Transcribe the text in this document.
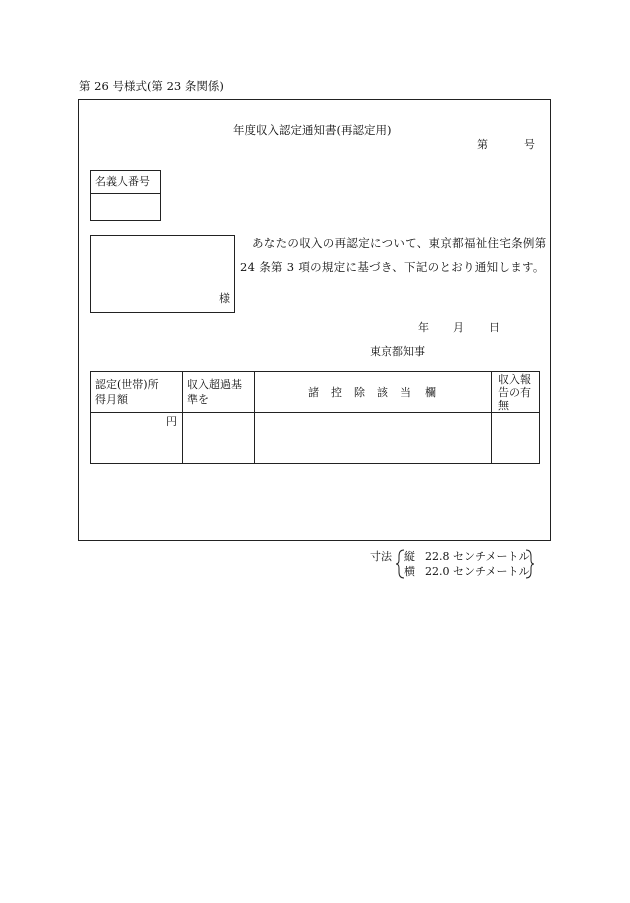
第 26 号様式(第 23 条関係)
年度収入認定通知書(再認定用)
第	号
名義人番号
様
あなたの収入の再認定について、東京都福祉住宅条例第
24 条第 3 項の規定に基づき、下記のとおり通知します。
年 月 日
東京都知事
認定(世帯)所
得月額
円
収入超過基
準を
諸 控 除 該 当 欄
収入報
告の有
無
寸法 縦 22.8 センチメートル
横 22.0 センチメートル
